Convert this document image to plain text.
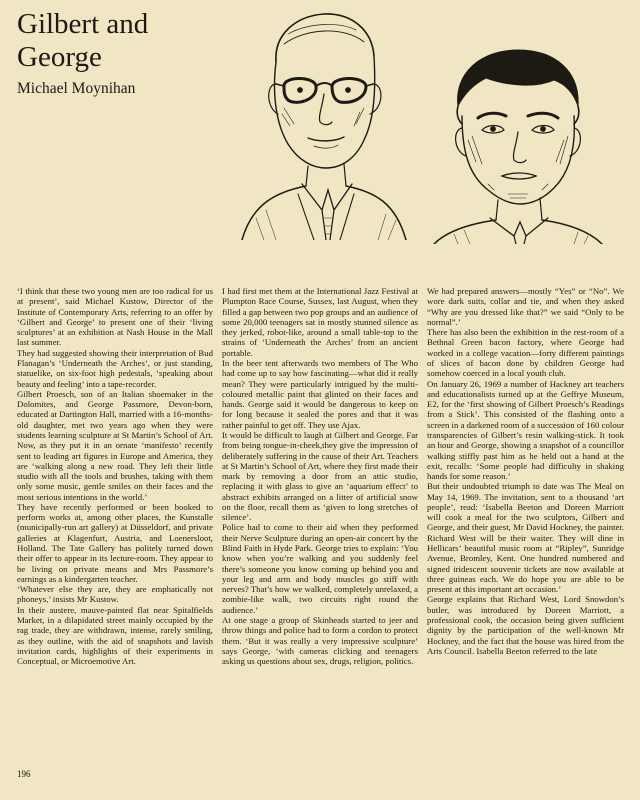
Gilbert and George
Michael Moynihan

‘I think that these two young men are too radical for us at present’, said Michael Kustow, Director of the Institute of Contemporary Arts, referring to an offer by ‘Gilbert and George’ to present one of their ‘living sculptures’ at an exhibition at Nash House in the Mall last summer.

They had suggested showing their interpretation of Bud Flanagan’s ‘Underneath the Arches’, or just standing, statuelike, on six-foot high pedestals, ‘speaking about beauty and feeling’ into a tape-recorder.

Gilbert Proesch, son of an Italian shoemaker in the Dolomites, and George Passmore, Devon-born, educated at Dartington Hall, married with a 16-months-old daughter, met two years ago when they were students learning sculpture at St Martin’s School of Art. Now, as they put it in an ornate ‘manifesto’ recently sent to leading art figures in Europe and America, they are ‘walking along a new road. They left their little studio with all the tools and brushes, taking with them only some music, gentle smiles on their faces and the most serious intentions in the world.’

They have recently performed or been booked to perform works at, among other places, the Kunstalle (municipally-run art gallery) at Düsseldorf, and private galleries at Klagenfurt, Austria, and Loenersloot, Holland. The Tate Gallery has politely turned down their offer to appear in its lecture-room. They appear to be living on private means and Mrs Passmore’s earnings as a kindergarten teacher.

‘Whatever else they are, they are emphatically not phoneys,’ insists Mr Kustow.

In their austere, mauve-painted flat near Spitalfields Market, in a dilapidated street mainly occupied by the rag trade, they are withdrawn, intense, rarely smiling, as they outline, with the aid of snapshots and lavish invitation cards, highlights of their experiments in Conceptual, or Microemotive Art.

I had first met them at the International Jazz Festival at Plumpton Race Course, Sussex, last August, when they filled a gap between two pop groups and an audience of some 20,000 teenagers sat in mostly stunned silence as they jerked, robot-like, around a small table-top to the strains of ‘Underneath the Arches’ from an ancient portable.

In the beer tent afterwards two members of The Who had come up to say how fascinating—what did it really mean? They were particularly intrigued by the multi-coloured metallic paint that glinted on their faces and hands. George said it would be dangerous to keep on for long because it sealed the pores and that it was rather painful to get off. They use Ajax.

It would be difficult to laugh at Gilbert and George. Far from being tongue-in-cheek,they give the impression of deliberately suffering in the cause of their Art. Teachers at St Martin’s School of Art, where they first made their mark by removing a door from an attic studio, replacing it with glass to give an ‘aquarium effect’ to abstract exhibits arranged on a litter of artificial snow on the floor, recall them as ‘given to long stretches of silence’.

Police had to come to their aid when they performed their Nerve Sculpture during an open-air concert by the Blind Faith in Hyde Park. George tries to explain: ‘You know when you’re walking and you suddenly feel there’s someone you know coming up behind you and your leg and arm and body muscles go stiff with nerves? That’s how we walked, completely unrelaxed, a zombie-like walk, two circuits right round the audience.’

At one stage a group of Skinheads started to jeer and throw things and police had to form a cordon to protect them. ‘But it was really a very impressive sculpture’ says George, ‘with cameras clicking and teenagers asking us questions about sex, drugs, religion, politics.

We had prepared answers—mostly “Yes” or “No”. We wore dark suits, collar and tie, and when they asked “Why are you dressed like that?” we said “Only to be normal”.’

There has also been the exhibition in the rest-room of a Bethnal Green bacon factory, where George had worked in a college vacation—forty different paintings of slices of bacon done by children George had somehow coerced in a local youth club.

On January 26, 1969 a number of Hackney art teachers and educationalists turned up at the Geffrye Museum, E2, for the ‘first showing of Gilbert Proesch’s Readings from a Stick’. This consisted of the flashing onto a screen in a darkened room of a succession of 160 colour transparencies of Gilbert’s resin walking-stick. It took an hour and George, showing a snapshot of a councillor walking stiffly past him as he held out a hand at the exit, recalls: ‘Some people had difficulty in shaking hands for some reason.’

But their undoubted triumph to date was The Meal on May 14, 1969. The invitation, sent to a thousand ‘art people’, read: ‘Isabella Beeton and Doreen Marriott will cook a meal for the two sculptors, Gilbert and George, and their guest, Mr David Hockney, the painter. Richard West will be their waiter. They will dine in Hellicars’ beautiful music room at “Ripley”, Sunridge Avenue, Bromley, Kent. One hundred numbered and signed iridescent souvenir tickets are now available at three guineas each. We do hope you are able to be present at this important art occasion.’

George explains that Richard West, Lord Snowdon’s butler, was introduced by Doreen Marriott, a professional cook, the occasion being given sufficient dignity by the participation of the well-known Mr Hockney, and the fact that the house was hired from the Arts Council. Isabella Beeton referred to the late

196
